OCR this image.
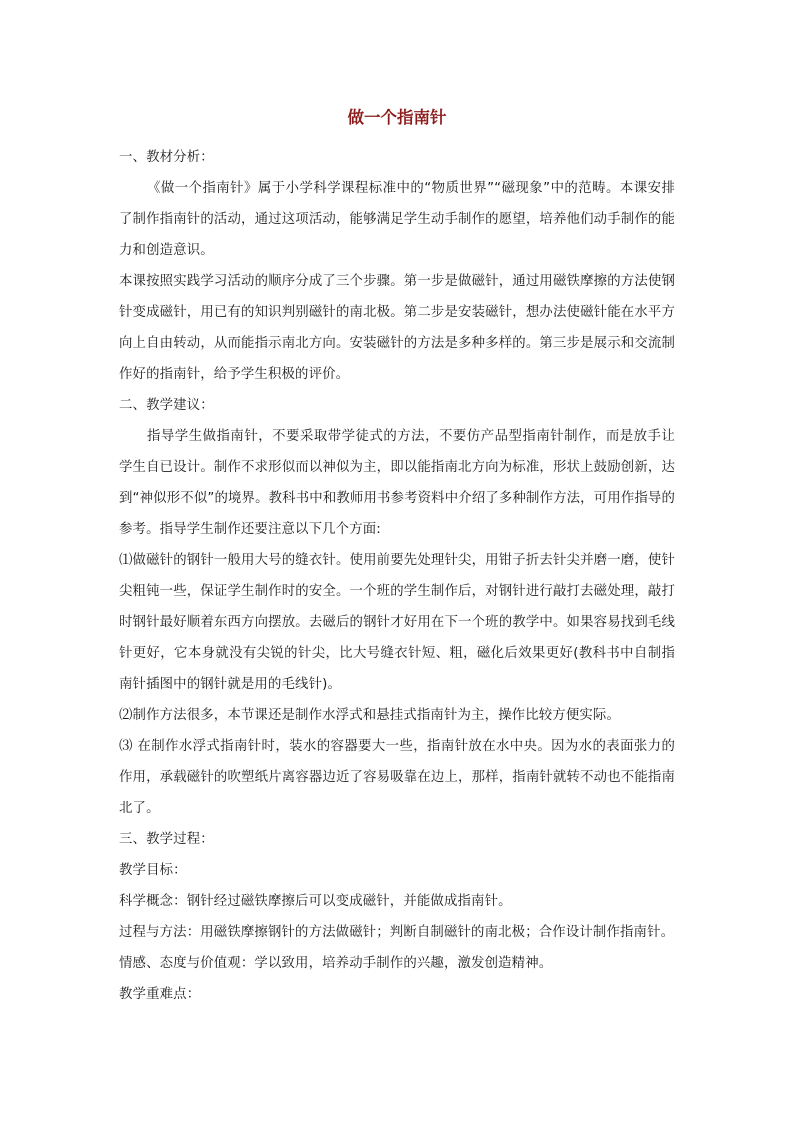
做一个指南针

一、教材分析：

《做一个指南针》属于小学科学课程标准中的“物质世界”“磁现象”中的范畴。本课安排了制作指南针的活动，通过这项活动，能够满足学生动手制作的愿望，培养他们动手制作的能力和创造意识。

本课按照实践学习活动的顺序分成了三个步骤。第一步是做磁针，通过用磁铁摩擦的方法使钢针变成磁针，用已有的知识判别磁针的南北极。第二步是安装磁针，想办法使磁针能在水平方向上自由转动，从而能指示南北方向。安装磁针的方法是多种多样的。第三步是展示和交流制作好的指南针，给予学生积极的评价。

二、教学建议：

指导学生做指南针，不要采取带学徒式的方法，不要仿产品型指南针制作，而是放手让学生自已设计。制作不求形似而以神似为主，即以能指南北方向为标准，形状上鼓励创新，达到“神似形不似”的境界。教科书中和教师用书参考资料中介绍了多种制作方法，可用作指导的参考。指导学生制作还要注意以下几个方面:

⑴做磁针的钢针一般用大号的缝衣针。使用前要先处理针尖，用钳子折去针尖并磨一磨，使针尖粗钝一些，保证学生制作时的安全。一个班的学生制作后，对钢针进行敲打去磁处理，敲打时钢针最好顺着东西方向摆放。去磁后的钢针才好用在下一个班的教学中。如果容易找到毛线针更好，它本身就没有尖锐的针尖，比大号缝衣针短、粗，磁化后效果更好(教科书中自制指南针插图中的钢针就是用的毛线针)。

⑵制作方法很多，本节课还是制作水浮式和悬挂式指南针为主，操作比较方便实际。

⑶ 在制作水浮式指南针时，装水的容器要大一些，指南针放在水中央。因为水的表面张力的作用，承载磁针的吹塑纸片离容器边近了容易吸靠在边上，那样，指南针就转不动也不能指南北了。

三、教学过程：

教学目标：

科学概念：钢针经过磁铁摩擦后可以变成磁针，并能做成指南针。

过程与方法：用磁铁摩擦钢针的方法做磁针；判断自制磁针的南北极；合作设计制作指南针。

情感、态度与价值观：学以致用，培养动手制作的兴趣，激发创造精神。

教学重难点：
